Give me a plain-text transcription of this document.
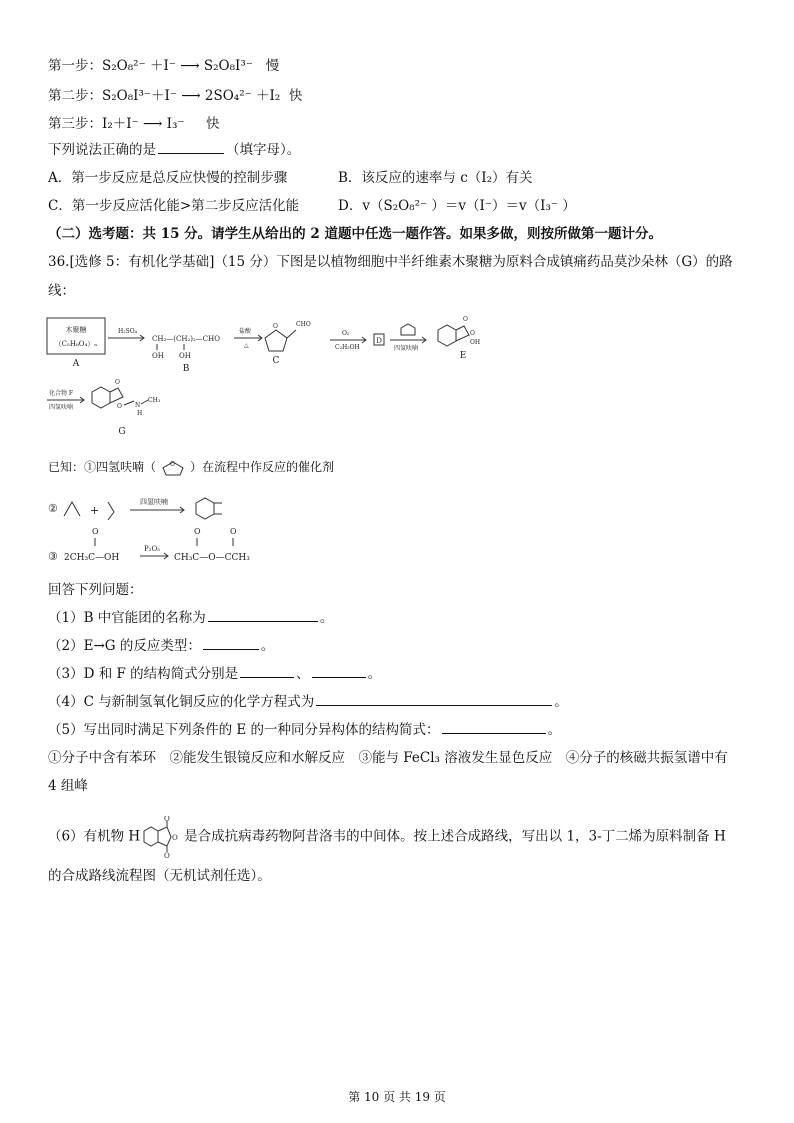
第一步：S₂O₈²⁻ ＋I⁻ ⟶ S₂O₈I³⁻ 慢
第二步：S₂O₈I³⁻＋I⁻ ⟶ 2SO₄²⁻ ＋I₂ 快
第三步：I₂＋I⁻ ⟶ I₃⁻ 快
下列说法正确的是	（填字母）。
A．第一步反应是总反应快慢的控制步骤	B．该反应的速率与 c（I₂）有关
C．第一步反应活化能>第二步反应活化能	D．v（S₂O₈²⁻ ）＝v（I⁻）＝v（I₃⁻ ）
（二）选考题：共 15 分。请学生从给出的 2 道题中任选一题作答。如果多做，则按所做第一题计分。
36.[选修 5：有机化学基础]（15 分）下图是以植物细胞中半纤维素木聚糖为原料合成镇痛药品莫沙朵林（G）的路
线：
木聚糖
（C₅H₈O₄）ₙ
A
H₂SO₄
CH₂—(CH₂)₂—CHO
OH OH
B
盐酸
△
CHO
O
C
O₂
C₂H₅OH
D
四氢呋喃
O
O
OH
E
化合物 F
四氢呋喃
O
O N
CH₃
H
G
已知：①四氢呋喃（ O ）在流程中作反应的催化剂
②	+
四氢呋喃
③
O
2CH₃C—OH
P₂O₅
O	O
CH₃C—O—CCH₃
回答下列问题：
（1）B 中官能团的名称为	。
（2）E→G 的反应类型：	。
（3）D 和 F 的结构简式分别是	、	。
（4）C 与新制氢氧化铜反应的化学方程式为	。
（5）写出同时满足下列条件的 E 的一种同分异构体的结构简式：	。
①分子中含有苯环　②能发生银镜反应和水解反应　③能与 FeCl₃ 溶液发生显色反应　④分子的核磁共振氢谱中有
4 组峰
（6）有机物 H
O
O
O
是合成抗病毒药物阿昔洛韦的中间体。按上述合成路线，写出以 1，3-丁二烯为原料制备 H
的合成路线流程图（无机试剂任选）。
第 10 页 共 19 页
